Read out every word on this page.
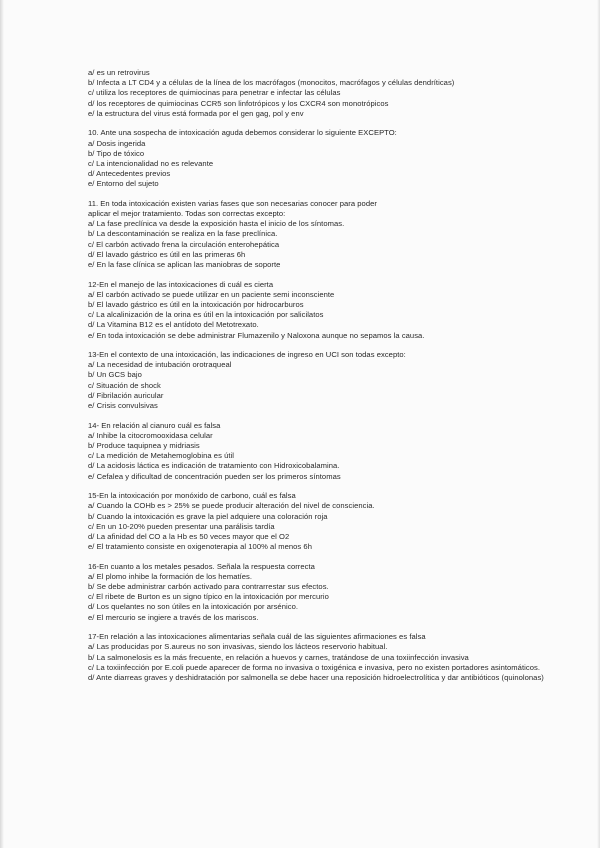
a/ es un retrovirus
b/ Infecta a LT CD4 y a células de la línea de los macrófagos (monocitos, macrófagos y células dendríticas)
c/ utiliza los receptores de quimiocinas para penetrar e infectar las células
d/ los receptores de quimiocinas CCR5 son linfotrópicos y los CXCR4 son monotrópicos
e/ la estructura del virus está formada por el gen gag, pol y env
10. Ante una sospecha de intoxicación aguda debemos considerar lo siguiente EXCEPTO:
a/ Dosis ingerida
b/ Tipo de tóxico
c/ La intencionalidad no es relevante
d/ Antecedentes previos
e/ Entorno del sujeto
11. En toda intoxicación existen varias fases que son necesarias conocer para poder
aplicar el mejor tratamiento. Todas son correctas excepto:
a/ La fase preclínica va desde la exposición hasta el inicio de los síntomas.
b/ La descontaminación se realiza en la fase preclínica.
c/ El carbón activado frena la circulación enterohepática
d/ El lavado gástrico es útil en las primeras 6h
e/ En la fase clínica se aplican las maniobras de soporte
12-En el manejo de las intoxicaciones di cuál es cierta
a/ El carbón activado se puede utilizar en un paciente semi inconsciente
b/ El lavado gástrico es útil en la intoxicación por hidrocarburos
c/ La alcalinización de la orina es útil en la intoxicación por salicilatos
d/ La Vitamina B12 es el antídoto del Metotrexato.
e/ En toda intoxicación se debe administrar Flumazenilo y Naloxona aunque no sepamos la causa.
13-En el contexto de una intoxicación, las indicaciones de ingreso en UCI son todas excepto:
a/ La necesidad de intubación orotraqueal
b/ Un GCS bajo
c/ Situación de shock
d/ Fibrilación auricular
e/ Crisis convulsivas
14- En relación al cianuro cuál es falsa
a/ Inhibe la citocromooxidasa celular
b/ Produce taquipnea y midriasis
c/ La medición de Metahemoglobina es útil
d/ La acidosis láctica es indicación de tratamiento con Hidroxicobalamina.
e/ Cefalea y dificultad de concentración pueden ser los primeros síntomas
15-En la intoxicación por monóxido de carbono, cuál es falsa
a/ Cuando la COHb es > 25% se puede producir alteración del nivel de consciencia.
b/ Cuando la intoxicación es grave la piel adquiere una coloración roja
c/ En un 10-20% pueden presentar una parálisis tardía
d/ La afinidad del CO a la Hb es 50 veces mayor que el O2
e/ El tratamiento consiste en oxigenoterapia al 100% al menos 6h
16-En cuanto a los metales pesados. Señala la respuesta correcta
a/ El plomo inhibe la formación de los hematíes.
b/ Se debe administrar carbón activado para contrarrestar sus efectos.
c/ El ribete de Burton es un signo típico en la intoxicación por mercurio
d/ Los quelantes no son útiles en la intoxicación por arsénico.
e/ El mercurio se ingiere a través de los mariscos.
17-En relación a las intoxicaciones alimentarias señala cuál de las siguientes afirmaciones es falsa
a/ Las producidas por S.aureus no son invasivas, siendo los lácteos reservorio habitual.
b/ La salmonelosis es la más frecuente, en relación a huevos y carnes, tratándose de una toxiinfección invasiva
c/ La toxiinfección por E.coli puede aparecer de forma no invasiva o toxigénica e invasiva, pero no existen portadores asintomáticos.
d/ Ante diarreas graves y deshidratación por salmonella se debe hacer una reposición hidroelectrolítica y dar antibióticos (quinolonas)
